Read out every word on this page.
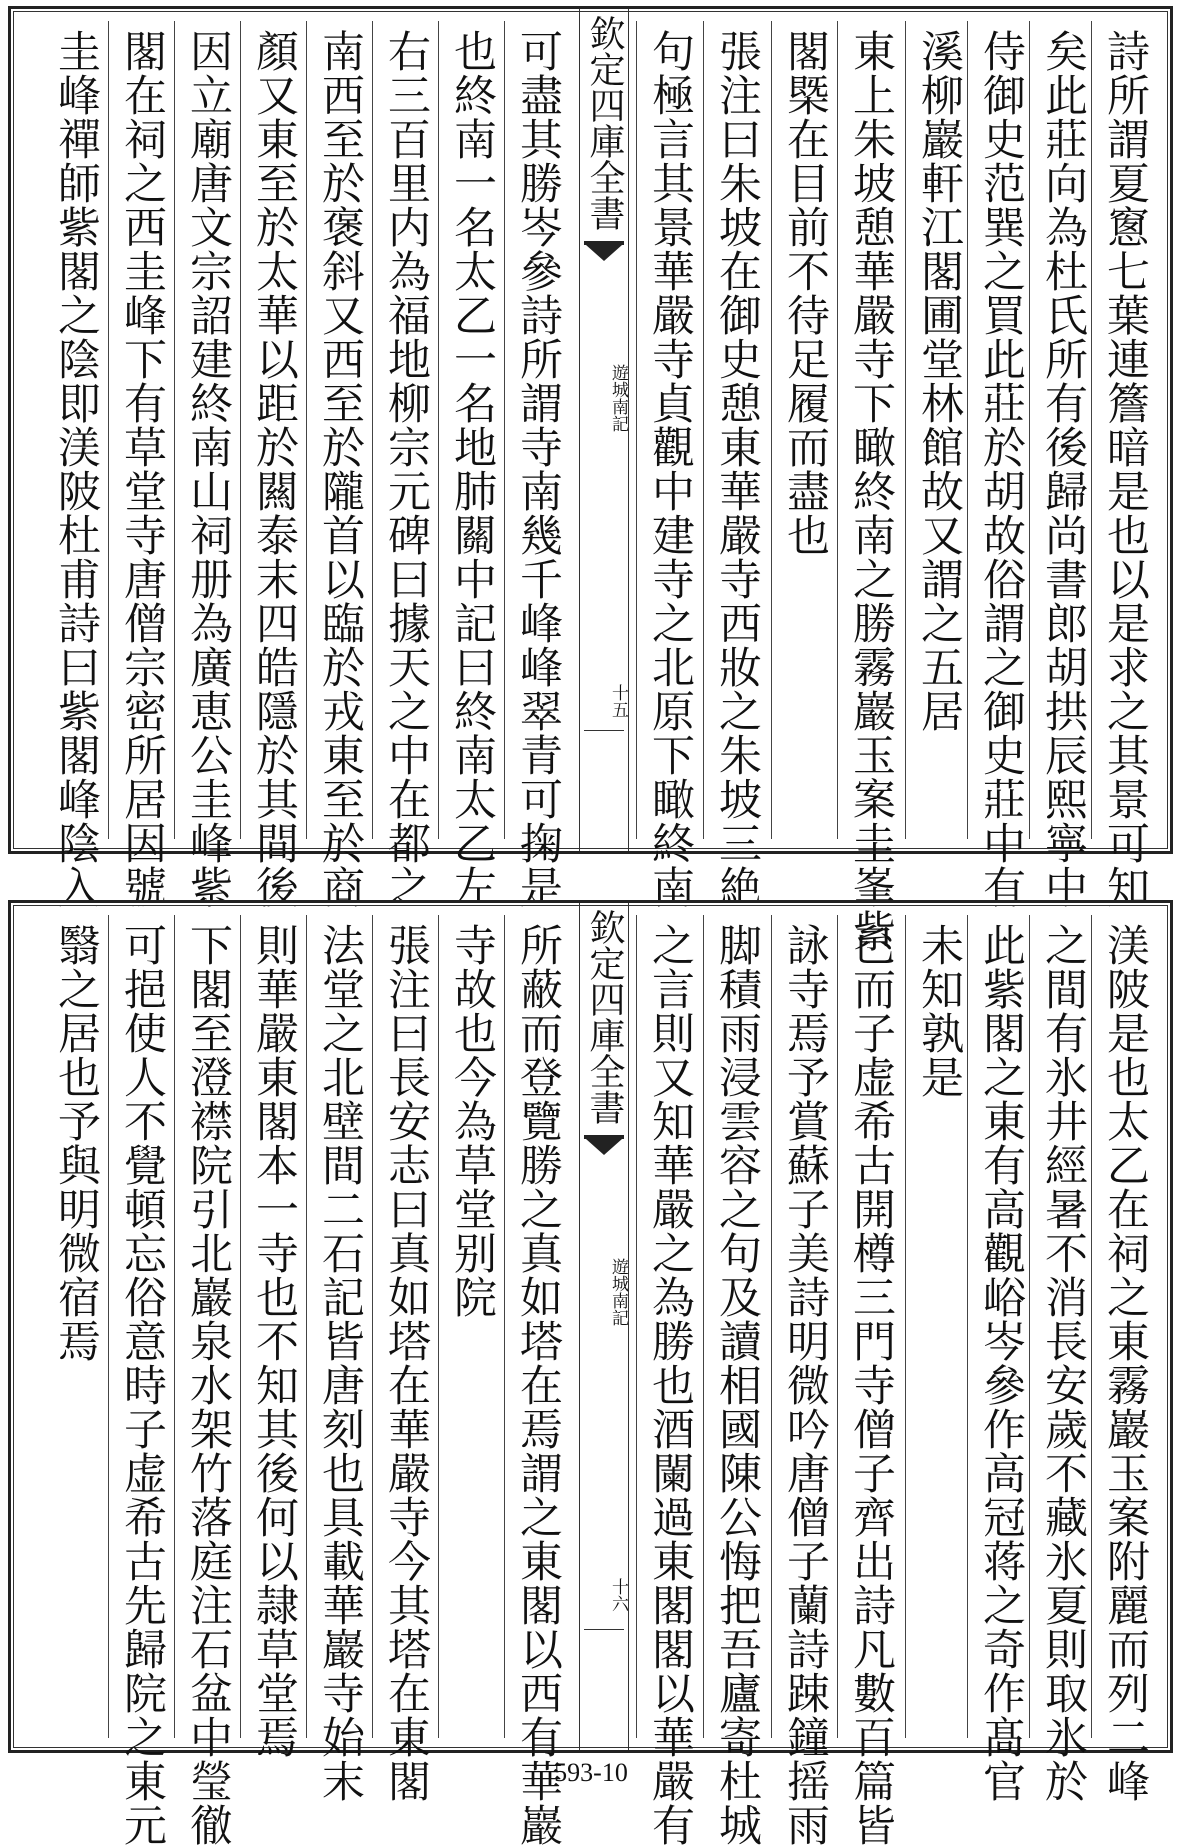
詩所謂夏窻七葉連簷暗是也以是求之其景可知
矣此莊向為杜氏所有後歸尚書郎胡拱辰熙寧中
侍御史范巽之買此莊於胡故俗謂之御史莊中有
溪柳巖軒江閣圃堂林館故又謂之五居
東上朱坡憩華嚴寺下瞰終南之勝霧巖玉案圭峯紫
閣槩在目前不待足履而盡也
張注曰朱坡在御史憩東華嚴寺西妝之朱坡三絶
句極言其景華嚴寺貞觀中建寺之北原下瞰終南
欽定四庫全書
遊城南記
十五
可盡其勝岑參詩所謂寺南幾千峰峰翠青可掬是
也終南一名太乙一名地肺關中記曰終南太乙左
右三百里内為福地柳宗元碑曰據天之中在都之
南西至於褒斜又西至於隴首以臨於戎東至於商
顏又東至於太華以距於闗泰末四皓隱於其間後
因立廟唐文宗詔建終南山祠册為廣恵公圭峰紫
閣在祠之西圭峰下有草堂寺唐僧宗密所居因號
圭峰禪師紫閣之陰即渼陂杜甫詩曰紫閣峰陰入
渼陂是也太乙在祠之東霧巖玉案附麗而列二峰
之間有氷井經暑不消長安歲不藏氷夏則取氷於
此紫閣之東有高觀峪岑參作高冠蒋之奇作髙官
未知孰是
已而子虚希古開樽三門寺僧子齊出詩凡數百篇皆
詠寺焉予賞蘇子美詩明微吟唐僧子蘭詩踈鐘摇雨
脚積雨浸雲容之句及讀相國陳公悔把吾廬寄杜城
之言則又知華嚴之為勝也酒闌過東閣閣以華嚴有
欽定四庫全書
遊城南記
十六
所蔽而登覽勝之真如塔在焉謂之東閣以西有華巖
寺故也今為草堂别院
張注曰長安志曰真如塔在華嚴寺今其塔在東閣
法堂之北壁間二石記皆唐刻也具載華巖寺始末
則華嚴東閣本一寺也不知其後何以隷草堂焉
下閣至澄襟院引北巖泉水架竹落庭注石盆中瑩徹
可挹使人不覺頓忘俗意時子虚希古先歸院之東元
翳之居也予與明微宿焉
593-10
